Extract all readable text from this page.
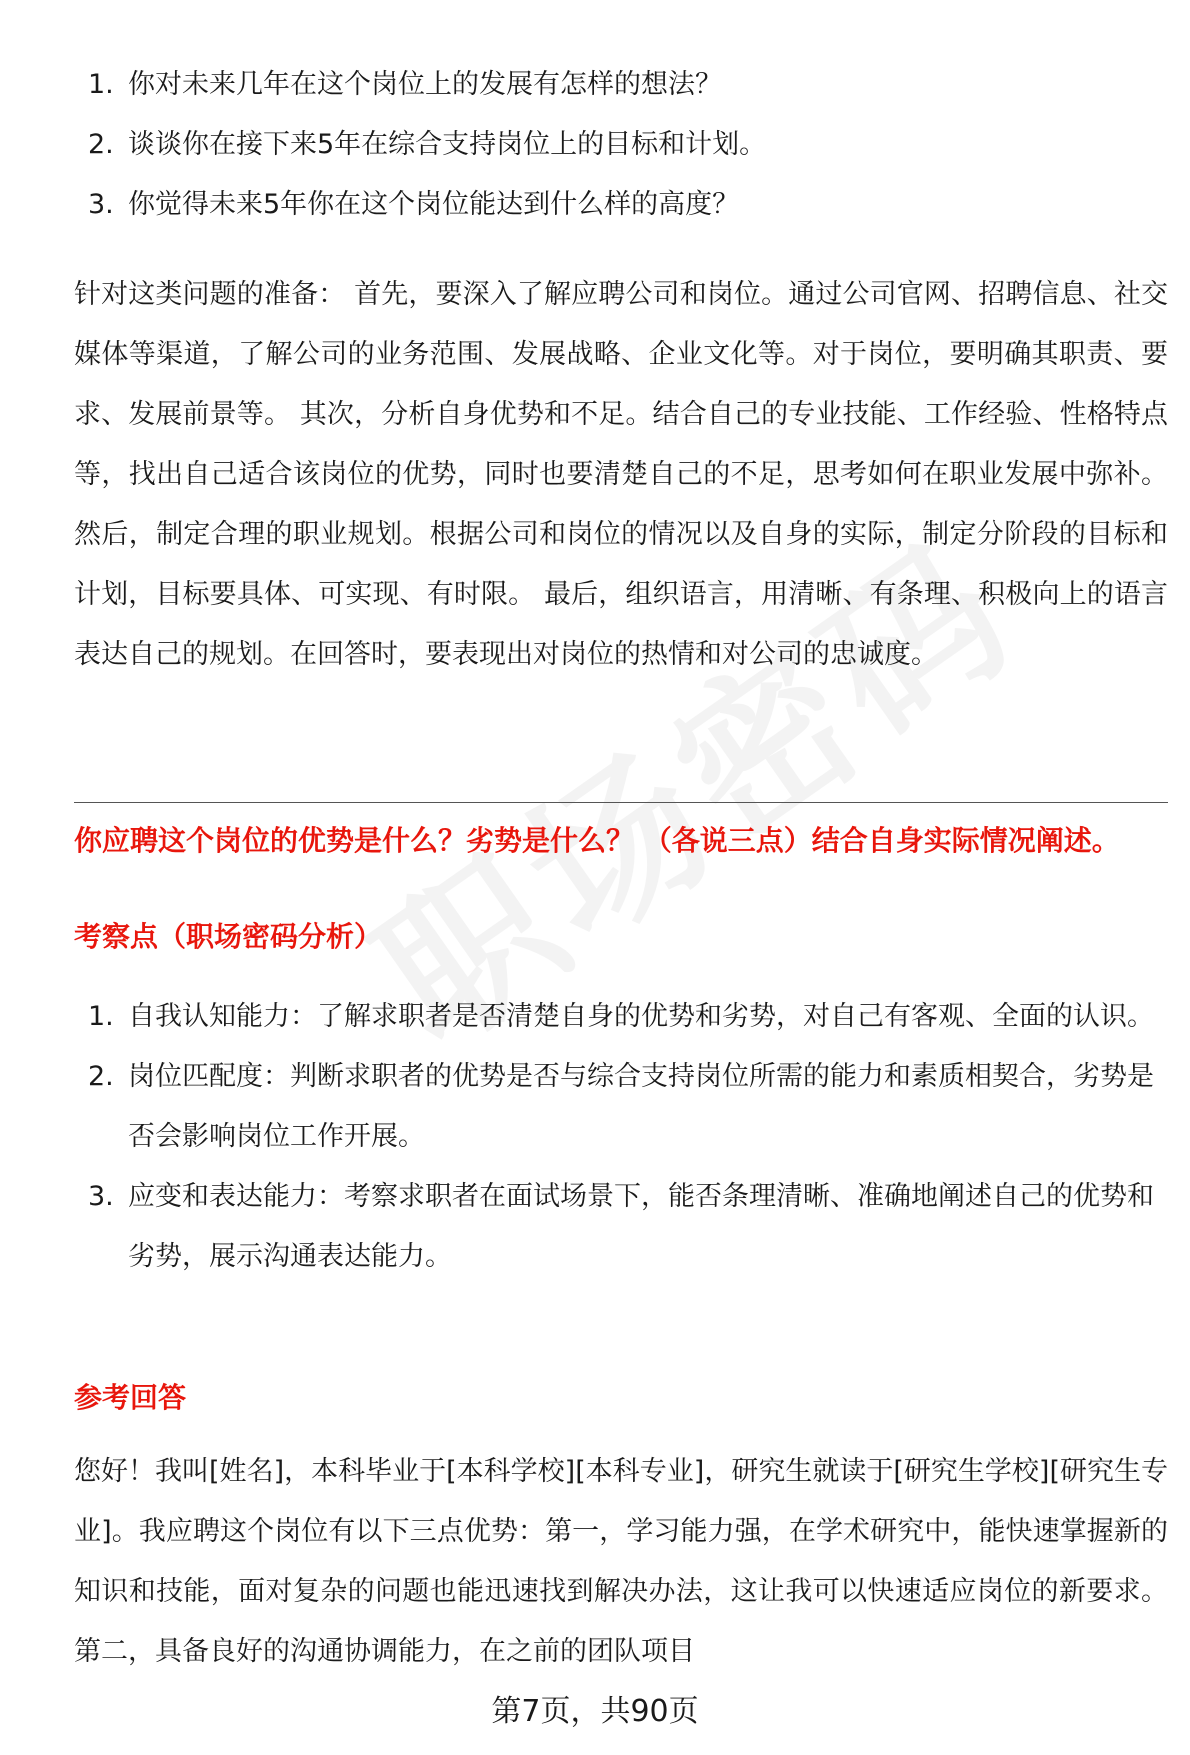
1. 你对未来几年在这个岗位上的发展有怎样的想法？
2. 谈谈你在接下来5年在综合支持岗位上的目标和计划。
3. 你觉得未来5年你在这个岗位能达到什么样的高度？

针对这类问题的准备： 首先，要深入了解应聘公司和岗位。通过公司官网、招聘信息、社交媒体等渠道，了解公司的业务范围、发展战略、企业文化等。对于岗位，要明确其职责、要求、发展前景等。 其次，分析自身优势和不足。结合自己的专业技能、工作经验、性格特点等，找出自己适合该岗位的优势，同时也要清楚自己的不足，思考如何在职业发展中弥补。 然后，制定合理的职业规划。根据公司和岗位的情况以及自身的实际，制定分阶段的目标和计划，目标要具体、可实现、有时限。 最后，组织语言，用清晰、有条理、积极向上的语言表达自己的规划。在回答时，要表现出对岗位的热情和对公司的忠诚度。

你应聘这个岗位的优势是什么？劣势是什么？ （各说三点）结合自身实际情况阐述。
考察点（职场密码分析）
1. 自我认知能力：了解求职者是否清楚自身的优势和劣势，对自己有客观、全面的认识。
2. 岗位匹配度：判断求职者的优势是否与综合支持岗位所需的能力和素质相契合，劣势是否会影响岗位工作开展。
3. 应变和表达能力：考察求职者在面试场景下，能否条理清晰、准确地阐述自己的优势和劣势，展示沟通表达能力。
参考回答

您好！我叫[姓名]，本科毕业于[本科学校][本科专业]，研究生就读于[研究生学校][研究生专业]。我应聘这个岗位有以下三点优势：第一，学习能力强，在学术研究中，能快速掌握新的知识和技能，面对复杂的问题也能迅速找到解决办法，这让我可以快速适应岗位的新要求。第二，具备良好的沟通协调能力，在之前的团队项目

第7页，共90页
